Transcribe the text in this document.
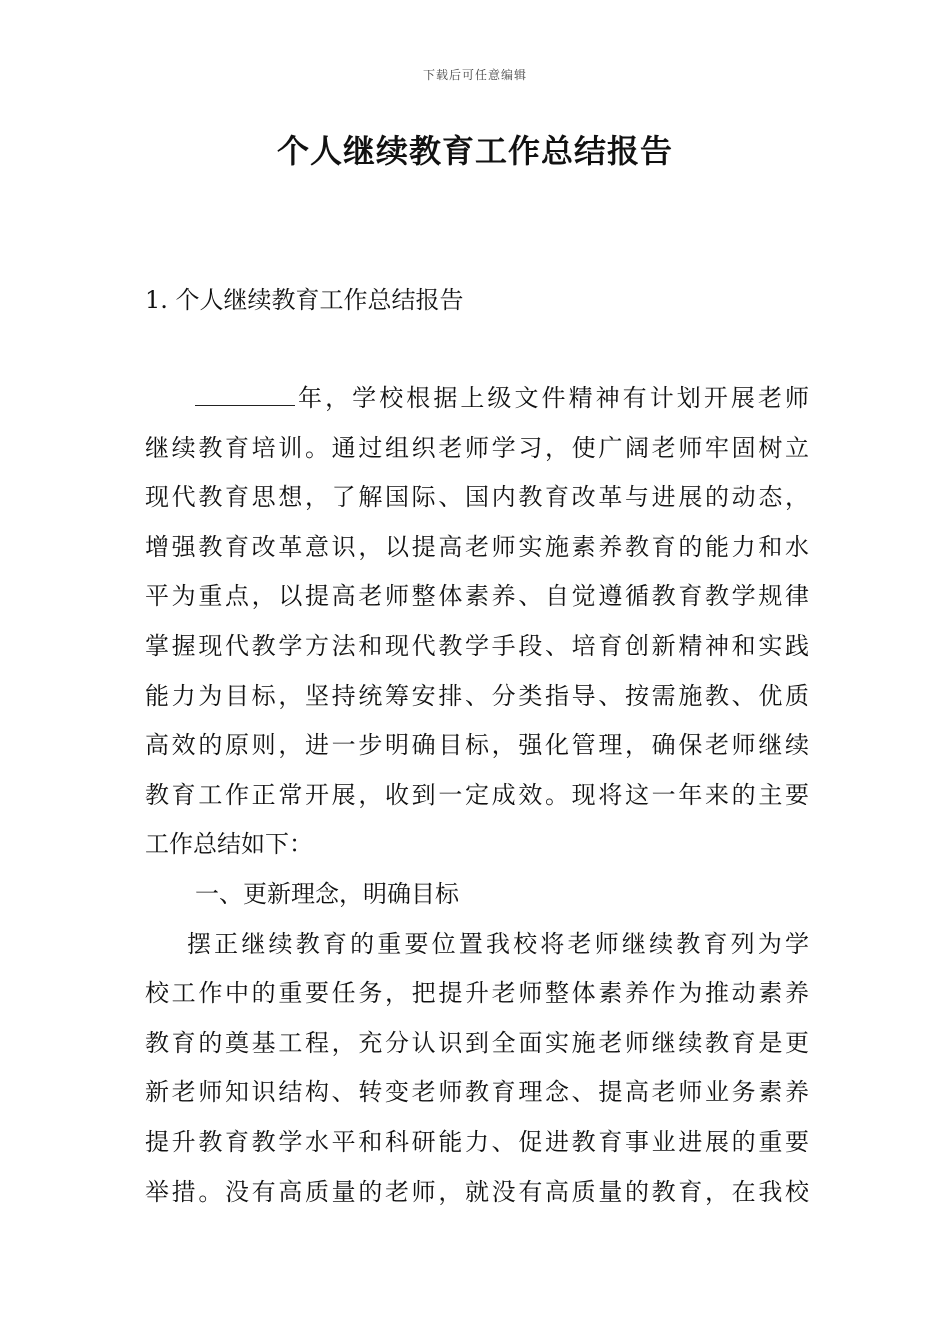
下载后可任意编辑
个人继续教育工作总结报告
1. 个人继续教育工作总结报告
年，学校根据上级文件精神有计划开展老师
继续教育培训。通过组织老师学习，使广阔老师牢固树立
现代教育思想，了解国际、国内教育改革与进展的动态，
增强教育改革意识，以提高老师实施素养教育的能力和水
平为重点，以提高老师整体素养、自觉遵循教育教学规律
掌握现代教学方法和现代教学手段、培育创新精神和实践
能力为目标，坚持统筹安排、分类指导、按需施教、优质
高效的原则，进一步明确目标，强化管理，确保老师继续
教育工作正常开展，收到一定成效。现将这一年来的主要
工作总结如下：
一、更新理念，明确目标
摆正继续教育的重要位置我校将老师继续教育列为学
校工作中的重要任务，把提升老师整体素养作为推动素养
教育的奠基工程，充分认识到全面实施老师继续教育是更
新老师知识结构、转变老师教育理念、提高老师业务素养
提升教育教学水平和科研能力、促进教育事业进展的重要
举措。没有高质量的老师，就没有高质量的教育，在我校
